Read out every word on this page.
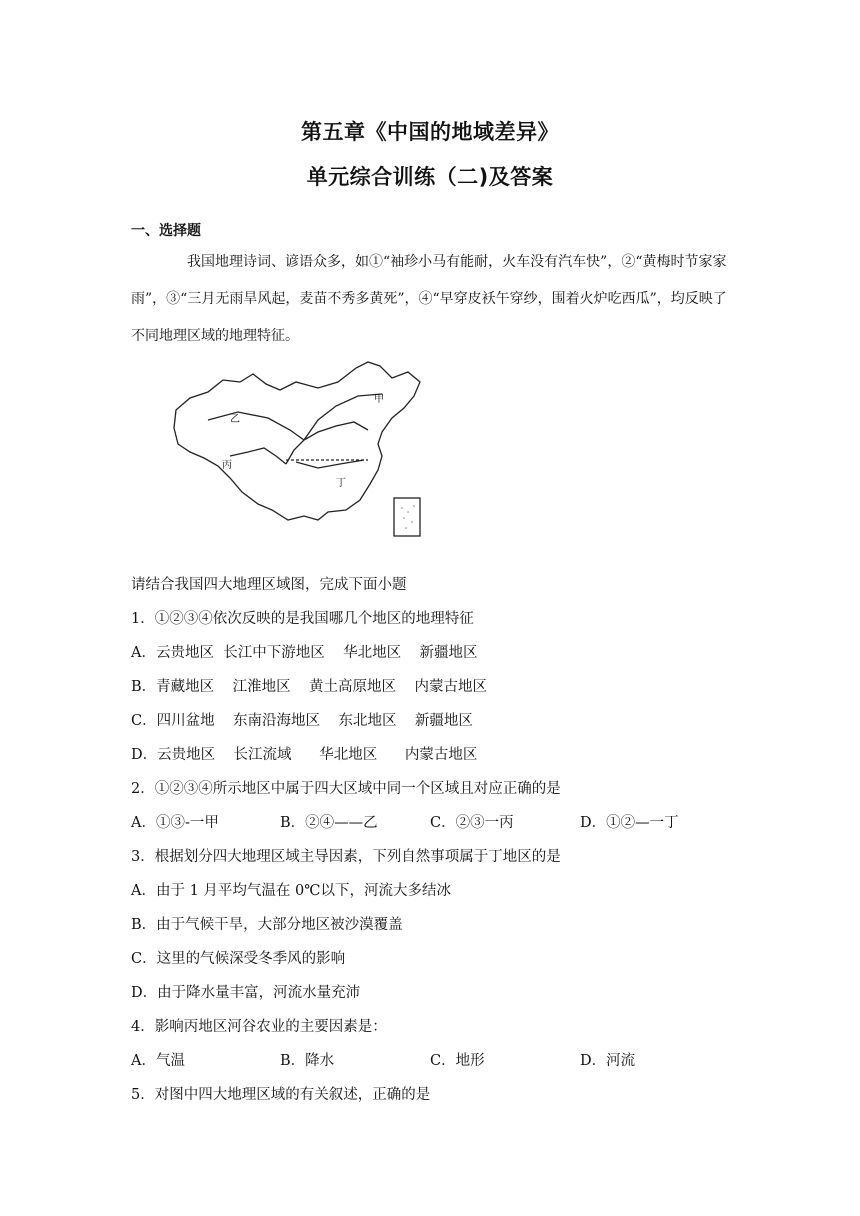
第五章《中国的地域差异》
单元综合训练（二)及答案
一、选择题
我国地理诗词、谚语众多，如①“袖珍小马有能耐，火车没有汽车快”，②“黄梅时节家家雨”，③“三月无雨旱风起，麦苗不秀多黄死”，④“早穿皮袄午穿纱，围着火炉吃西瓜”，均反映了不同地理区域的地理特征。
甲
乙
丙
丁
请结合我国四大地理区域图，完成下面小题
1．①②③④依次反映的是我国哪几个地区的地理特征
A．云贵地区  长江中下游地区    华北地区    新疆地区
B．青藏地区    江淮地区    黄土高原地区    内蒙古地区
C．四川盆地    东南沿海地区    东北地区    新疆地区
D．云贵地区    长江流域      华北地区      内蒙古地区
2．①②③④所示地区中属于四大区域中同一个区域且对应正确的是
A．①③-一甲	B．②④——乙	C．②③一丙	D．①②—一丁
3．根据划分四大地理区域主导因素，下列自然事项属于丁地区的是
A．由于 1 月平均气温在 0℃以下，河流大多结冰
B．由于气候干旱，大部分地区被沙漠覆盖
C．这里的气候深受冬季风的影响
D．由于降水量丰富，河流水量充沛
4．影响丙地区河谷农业的主要因素是：
A．气温	B．降水	C．地形	D．河流
5．对图中四大地理区域的有关叙述，正确的是
